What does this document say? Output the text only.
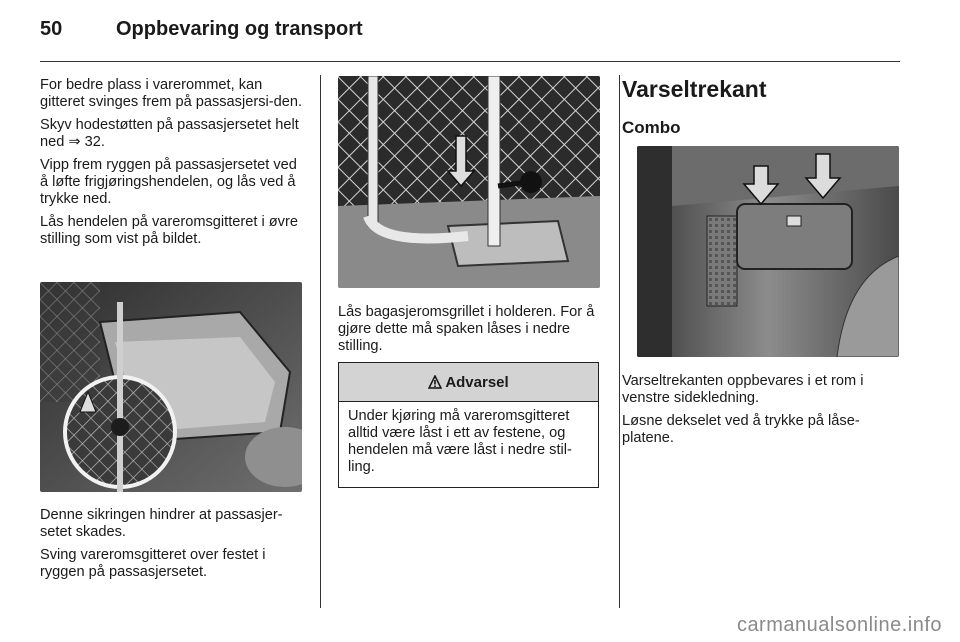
50	Oppbevaring og transport

For bedre plass i varerommet, kan gitteret svinges frem på passasjersi-den.

Skyv hodestøtten på passasjersetet helt ned ⇒ 32.

Vipp frem ryggen på passasjersetet ved å løfte frigjøringshendelen, og lås ved å trykke ned.

Lås hendelen på vareromsgitteret i øvre stilling som vist på bildet.

Denne sikringen hindrer at passasjer-setet skades.

Sving vareromsgitteret over festet i ryggen på passasjersetet.

Lås bagasjeromsgrillet i holderen. For å gjøre dette må spaken låses i nedre stilling.

Advarsel
Under kjøring må vareromsgitteret alltid være låst i ett av festene, og hendelen må være låst i nedre stil-ling.
Varseltrekant
Combo

Varseltrekanten oppbevares i et rom i venstre sidekledning.

Løsne dekselet ved å trykke på låse-platene.

carmanualsonline.info
